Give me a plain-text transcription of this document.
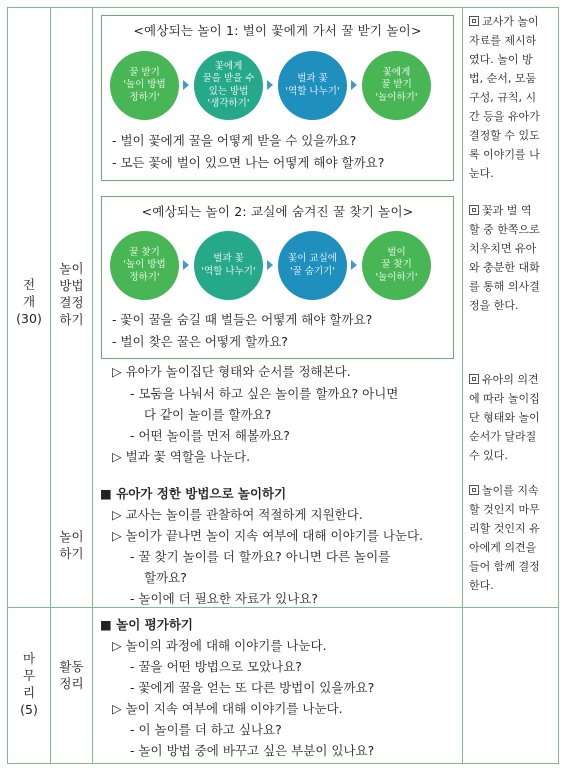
전개
(30)
마무리
(5)
놀이방법결정하기
놀이하기
활동정리
<예상되는 놀이 1: 벌이 꽃에게 가서 꿀 받기 놀이>
꿀 받기
'놀이 방법
정하기'
꽃에게
꿀을 받을 수
있는 방법
'생각하기'
벌과 꽃
'역할 나누기'
꽃에게
꿀 받기
'놀이하기'
- 벌이 꽃에게 꿀을 어떻게 받을 수 있을까요?
- 모든 꽃에 벌이 있으면 나는 어떻게 해야 할까요?
<예상되는 놀이 2: 교실에 숨겨진 꿀 찾기 놀이>
꿀 찾기
'놀이 방법
정하기'
벌과 꽃
'역할 나누기'
꽃이 교실에
'꿀 숨기기'
벌이
꿀 찾기
'놀이하기'
- 꽃이 꿀을 숨길 때 벌들은 어떻게 해야 할까요?
- 벌이 찾은 꿀은 어떻게 할까요?
▷ 유아가 놀이집단 형태와 순서를 정해본다.
- 모둠을 나눠서 하고 싶은 놀이를 할까요? 아니면
다 같이 놀이를 할까요?
- 어떤 놀이를 먼저 해볼까요?
▷ 벌과 꽃 역할을 나눈다.
■ 유아가 정한 방법으로 놀이하기
▷ 교사는 놀이를 관찰하여 적절하게 지원한다.
▷ 놀이가 끝나면 놀이 지속 여부에 대해 이야기를 나눈다.
- 꿀 찾기 놀이를 더 할까요? 아니면 다른 놀이를
할까요?
- 놀이에 더 필요한 자료가 있나요?
■ 놀이 평가하기
▷ 놀이의 과정에 대해 이야기를 나눈다.
- 꿀을 어떤 방법으로 모았나요?
- 꽃에게 꿀을 얻는 또 다른 방법이 있을까요?
▷ 놀이 지속 여부에 대해 이야기를 나눈다.
- 이 놀이를 더 하고 싶나요?
- 놀이 방법 중에 바꾸고 싶은 부분이 있나요?
교사가 놀이
자료를 제시하
였다. 놀이 방
법, 순서, 모둠
구성, 규칙, 시
간 등을 유아가
결정할 수 있도
록 이야기를 나
눈다.
꽃과 벌 역
할 중 한쪽으로
치우치면 유아
와 충분한 대화
를 통해 의사결
정을 한다.
유아의 의견
에 따라 놀이집
단 형태와 놀이
순서가 달라질
수 있다.
놀이를 지속
할 것인지 마무
리할 것인지 유
아에게 의견을
들어 함께 결정
한다.
